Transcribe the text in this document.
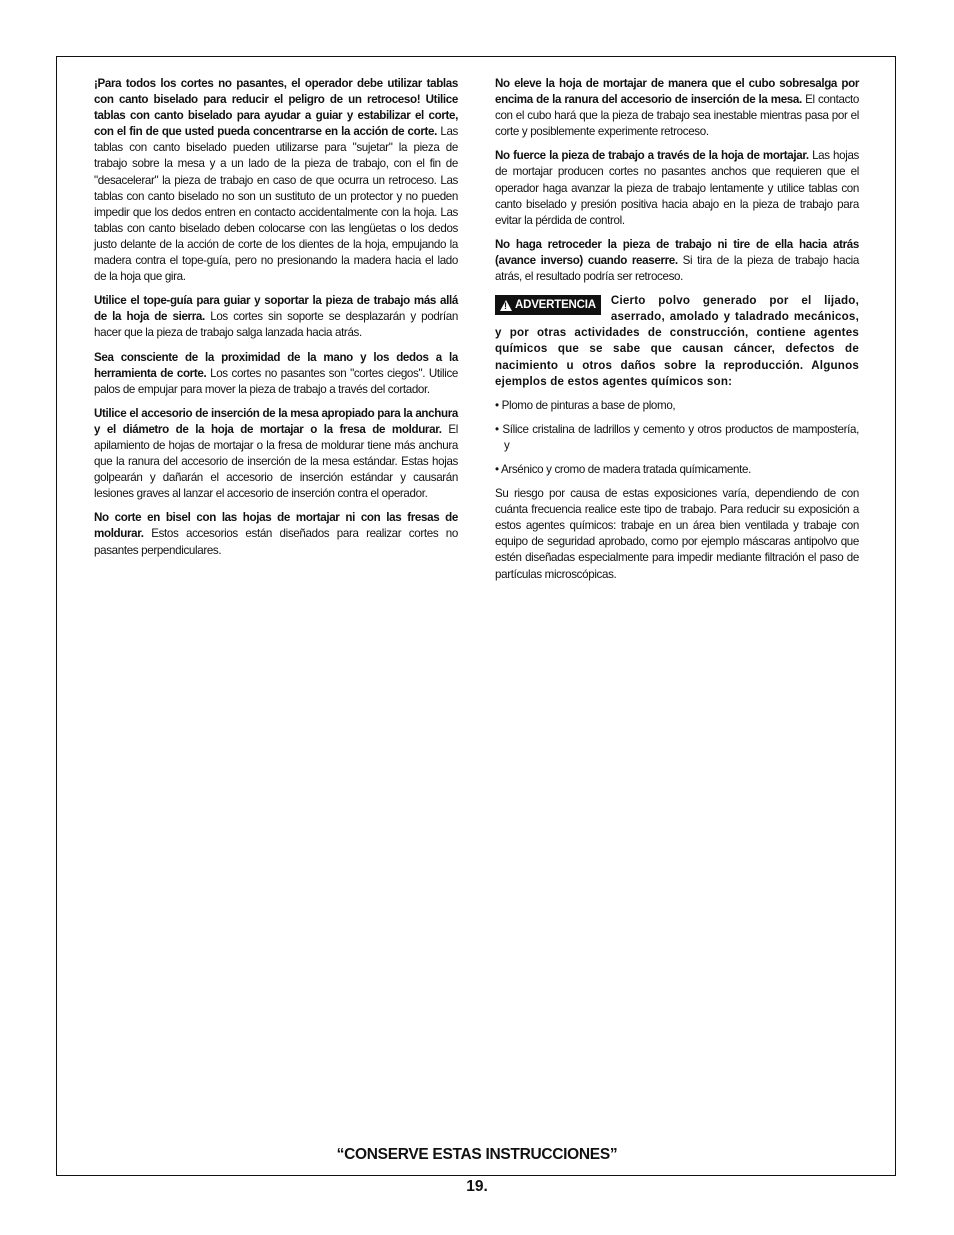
¡Para todos los cortes no pasantes, el operador debe utilizar tablas con canto biselado para reducir el peligro de un retroceso! Utilice tablas con canto biselado para ayudar a guiar y estabilizar el corte, con el fin de que usted pueda concentrarse en la acción de corte. Las tablas con canto biselado pueden utilizarse para "sujetar" la pieza de trabajo sobre la mesa y a un lado de la pieza de trabajo, con el fin de "desacelerar" la pieza de trabajo en caso de que ocurra un retroceso. Las tablas con canto biselado no son un sustituto de un protector y no pueden impedir que los dedos entren en contacto accidentalmente con la hoja. Las tablas con canto biselado deben colocarse con las lengüetas o los dedos justo delante de la acción de corte de los dientes de la hoja, empujando la madera contra el tope-guía, pero no presionando la madera hacia el lado de la hoja que gira.

Utilice el tope-guía para guiar y soportar la pieza de trabajo más allá de la hoja de sierra. Los cortes sin soporte se desplazarán y podrían hacer que la pieza de trabajo salga lanzada hacia atrás.

Sea consciente de la proximidad de la mano y los dedos a la herramienta de corte. Los cortes no pasantes son "cortes ciegos". Utilice palos de empujar para mover la pieza de trabajo a través del cortador.

Utilice el accesorio de inserción de la mesa apropiado para la anchura y el diámetro de la hoja de mortajar o la fresa de moldurar. El apilamiento de hojas de mortajar o la fresa de moldurar tiene más anchura que la ranura del accesorio de inserción de la mesa estándar. Estas hojas golpearán y dañarán el accesorio de inserción estándar y causarán lesiones graves al lanzar el accesorio de inserción contra el operador.

No corte en bisel con las hojas de mortajar ni con las fresas de moldurar. Estos accesorios están diseñados para realizar cortes no pasantes perpendiculares.

No eleve la hoja de mortajar de manera que el cubo sobresalga por encima de la ranura del accesorio de inserción de la mesa. El contacto con el cubo hará que la pieza de trabajo sea inestable mientras pasa por el corte y posiblemente experimente retroceso.

No fuerce la pieza de trabajo a través de la hoja de mortajar. Las hojas de mortajar producen cortes no pasantes anchos que requieren que el operador haga avanzar la pieza de trabajo lentamente y utilice tablas con canto biselado y presión positiva hacia abajo en la pieza de trabajo para evitar la pérdida de control.

No haga retroceder la pieza de trabajo ni tire de ella hacia atrás (avance inverso) cuando reaserre. Si tira de la pieza de trabajo hacia atrás, el resultado podría ser retroceso.

!
ADVERTENCIA Cierto polvo generado por el lijado, aserrado, amolado y taladrado mecánicos, y por otras actividades de construcción, contiene agentes químicos que se sabe que causan cáncer, defectos de nacimiento u otros daños sobre la reproducción. Algunos ejemplos de estos agentes químicos son:

• Plomo de pinturas a base de plomo,

• Sílice cristalina de ladrillos y cemento y otros productos de mampostería, y

• Arsénico y cromo de madera tratada químicamente.

Su riesgo por causa de estas exposiciones varía, dependiendo de con cuánta frecuencia realice este tipo de trabajo. Para reducir su exposición a estos agentes químicos: trabaje en un área bien ventilada y trabaje con equipo de seguridad aprobado, como por ejemplo máscaras antipolvo que estén diseñadas especialmente para impedir mediante filtración el paso de partículas microscópicas.

“CONSERVE ESTAS INSTRUCCIONES”
19.
